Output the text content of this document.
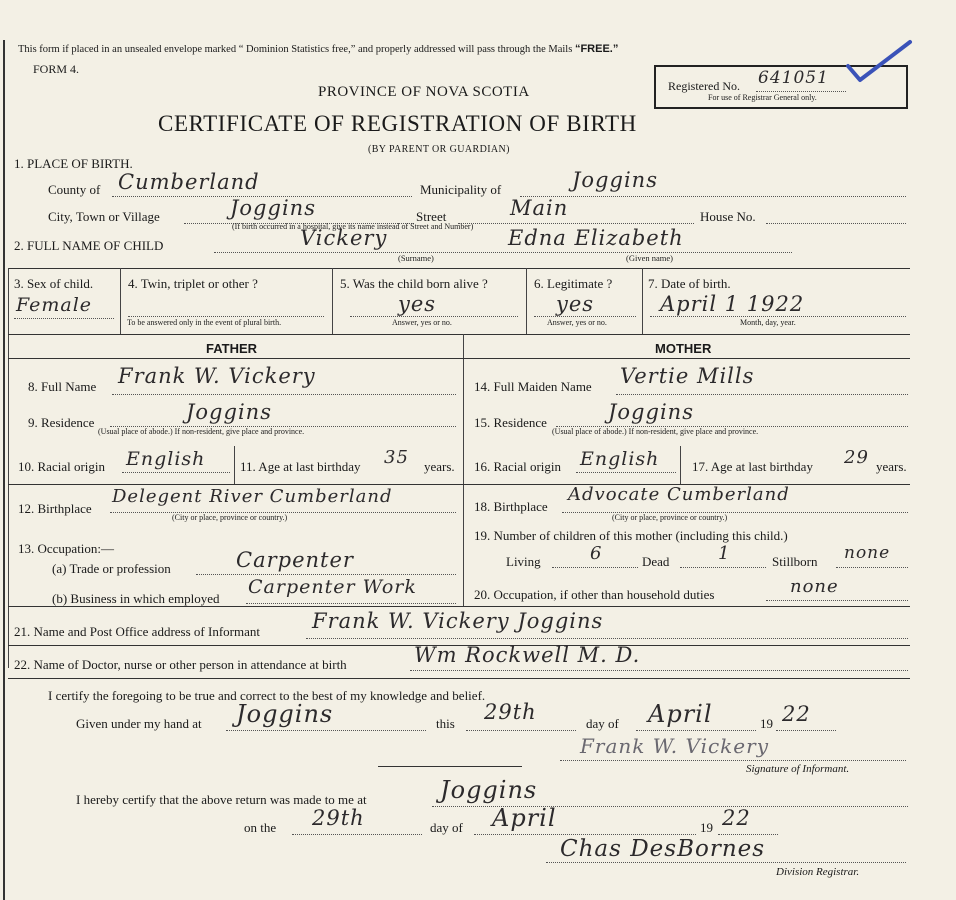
This form if placed in an unsealed envelope marked “ Dominion Statistics free,” and properly addressed will pass through the Mails “FREE.”
FORM 4.
PROVINCE OF NOVA SCOTIA
CERTIFICATE OF REGISTRATION OF BIRTH
(BY PARENT OR GUARDIAN)
Registered No. 641051
For use of Registrar General only.
1. PLACE OF BIRTH.
County of Cumberland	Municipality of	Joggins
City, Town or Village	Joggins
(If birth occurred in a hospital, give its name instead of Street and Number)
Street	Main	House No.
2. FULL NAME OF CHILD	Vickery	Edna Elizabeth
(Surname)	(Given name)
3. Sex of child.
Female
4. Twin, triplet or other ?
To be answered only in the event of plural birth.
5. Was the child born alive ?
yes
Answer, yes or no.
6. Legitimate ?
yes
Answer, yes or no.
7. Date of birth.
April 1 1922
Month, day, year.
FATHER	MOTHER
8. Full Name Frank W. Vickery
9. Residence	Joggins
(Usual place of abode.) If non-resident, give place and province.
10. Racial origin English	11. Age at last birthday 35 years.
12. Birthplace
Delegent River Cumberland
(City or place, province or country.)
13. Occupation:—
(a) Trade or profession	Carpenter
(b) Business in which employed
Carpenter Work
14. Full Maiden Name Vertie Mills
15. Residence	Joggins
(Usual place of abode.) If non-resident, give place and province.
16. Racial origin English	17. Age at last birthday 29 years.
18. Birthplace
Advocate Cumberland
(City or place, province or country.)
19. Number of children of this mother (including this child.)
Living	6	Dead	1	Stillborn none
20. Occupation, if other than household duties	none
21. Name and Post Office address of Informant Frank W. Vickery Joggins
22. Name of Doctor, nurse or other person in attendance at birth	Wm Rockwell M. D.
I certify the foregoing to be true and correct to the best of my knowledge and belief.
Given under my hand at Joggins	this 29th	day of April	19 22
Frank W. Vickery
Signature of Informant.
I hereby certify that the above return was made to me at	Joggins
on the 29th	day of April	19 22
Chas DesBornes
Division Registrar.
